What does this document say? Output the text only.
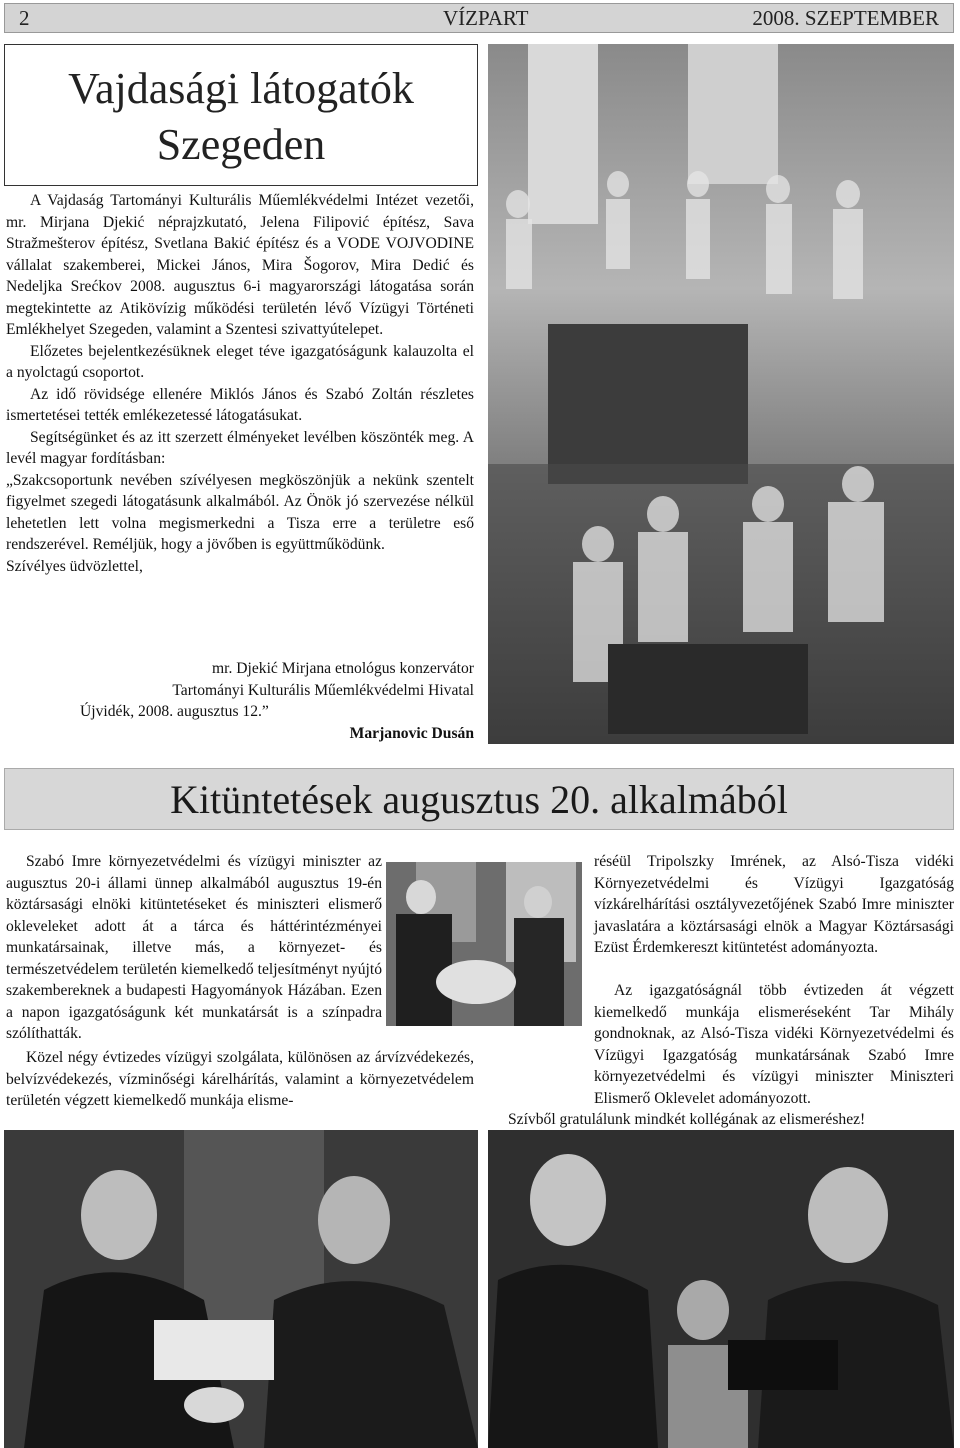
2	VÍZPART	2008. SZEPTEMBER
Vajdasági látogatók
Szegeden

A Vajdaság Tartományi Kulturális Műemlékvédelmi Intézet vezetői, mr. Mirjana Djekić néprajzkutató, Jelena Filipović építész, Sava Stražmešterov építész, Svetlana Bakić építész és a VODE VOJVODINE vállalat szakemberei, Mickei János, Mira Šogorov, Mira Dedić és Nedeljka Srećkov 2008. augusztus 6-i magyarországi látogatása során megtekintette az Atikövízig működési területén lévő Vízügyi Történeti Emlékhelyet Szegeden, valamint a Szentesi szivattyútelepet.

Előzetes bejelentkezésüknek eleget téve igazgatóságunk kalauzolta el a nyolctagú csoportot.

Az idő rövidsége ellenére Miklós János és Szabó Zoltán részletes ismertetései tették emlékezetessé látogatásukat.

Segítségünket és az itt szerzett élményeket levélben köszönték meg. A levél magyar fordításban:

„Szakcsoportunk nevében szívélyesen megköszönjük a nekünk szentelt figyelmet szegedi látogatásunk alkalmából. Az Önök jó szervezése nélkül lehetetlen lett volna megismerkedni a Tisza erre a területre eső rendszerével. Reméljük, hogy a jövőben is együttműködünk.

Szívélyes üdvözlettel,

mr. Djekić Mirjana etnológus konzervátor
Tartományi Kulturális Műemlékvédelmi Hivatal
Újvidék, 2008. augusztus 12.”
Marjanovic Dusán
Kitüntetések augusztus 20. alkalmából

Szabó Imre környezetvédelmi és vízügyi miniszter az augusztus 20-i állami ünnep alkalmából augusztus 19-én köztársasági elnöki kitüntetéseket és miniszteri elismerő okleveleket adott át a tárca és háttérintézményei munkatársainak, illetve más, a környezet- és természetvédelem területén kiemelkedő teljesítményt nyújtó szakembereknek a budapesti Hagyományok Házában. Ezen a napon igazgatóságunk két munkatársát is a színpadra szólíthatták.

Közel négy évtizedes vízügyi szolgálata, különösen az árvízvédekezés, belvízvédekezés, vízminőségi kárelhárítás, valamint a környezetvédelem területén végzett kiemelkedő munkája elisme-

réséül Tripolszky Imrének, az Alsó-Tisza vidéki Környezetvédelmi és Vízügyi Igazgatóság vízkárelhárítási osztályvezetőjének Szabó Imre miniszter javaslatára a köztársasági elnök a Magyar Köztársasági Ezüst Érdemkereszt kitüntetést adományozta.

Az igazgatóságnál több évtizeden át végzett kiemelkedő munkája elismeréseként Tar Mihály gondnoknak, az Alsó-Tisza vidéki Környezetvédelmi és Vízügyi Igazgatóság munkatársának Szabó Imre környezetvédelmi és vízügyi miniszter Miniszteri Elismerő Oklevelet adományozott.

Szívből gratulálunk mindkét kollégának az elismeréshez!
